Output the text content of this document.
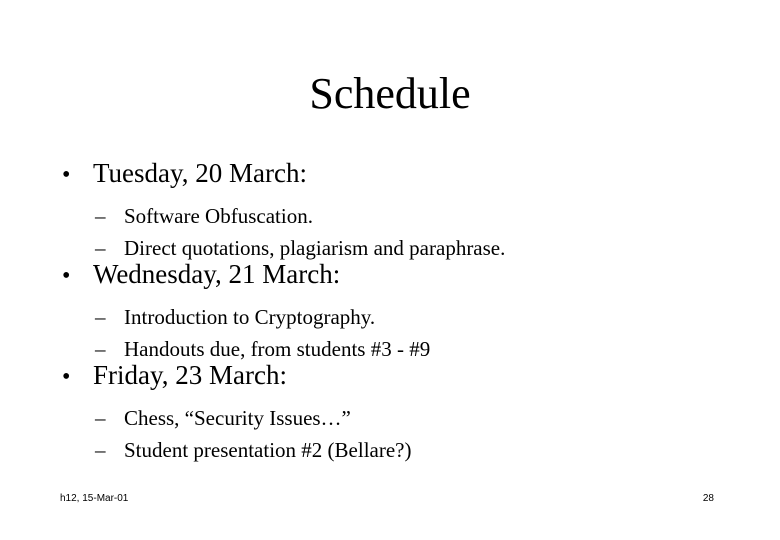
Schedule
• Tuesday, 20 March:
– Software Obfuscation.
– Direct quotations, plagiarism and paraphrase.
• Wednesday, 21 March:
– Introduction to Cryptography.
– Handouts due, from students #3 - #9
• Friday, 23 March:
– Chess, “Security Issues…”
– Student presentation #2 (Bellare?)
h12, 15-Mar-01	28
